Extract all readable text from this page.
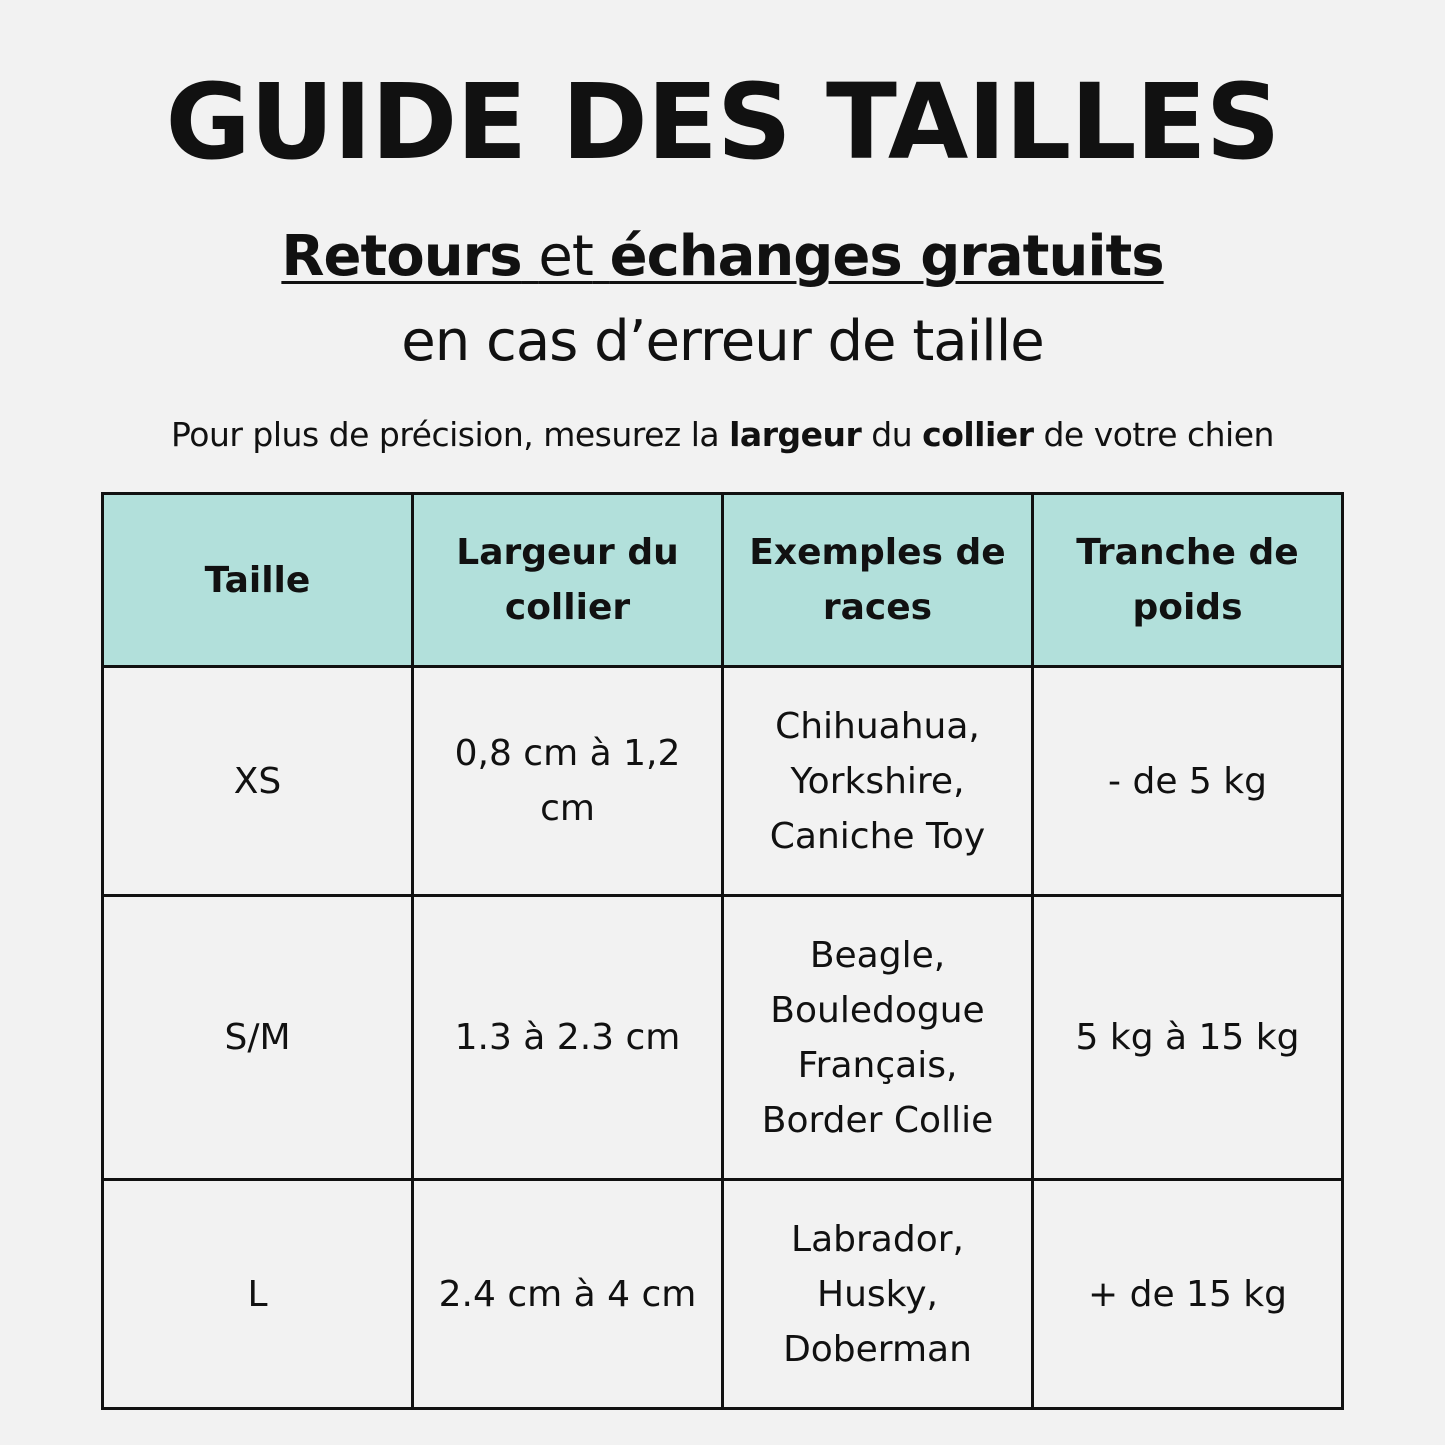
GUIDE DES TAILLES
Retours et échanges gratuits
en cas d’erreur de taille
Pour plus de précision, mesurez la largeur du collier de votre chien
Taille	Largeur du collier	Exemples de races	Tranche de poids
XS	0,8 cm à 1,2 cm	Chihuahua, Yorkshire, Caniche Toy	- de 5 kg
S/M	1.3 à 2.3 cm	Beagle, Bouledogue Français, Border Collie	5 kg à 15 kg
L	2.4 cm à 4 cm	Labrador, Husky, Doberman	+ de 15 kg
